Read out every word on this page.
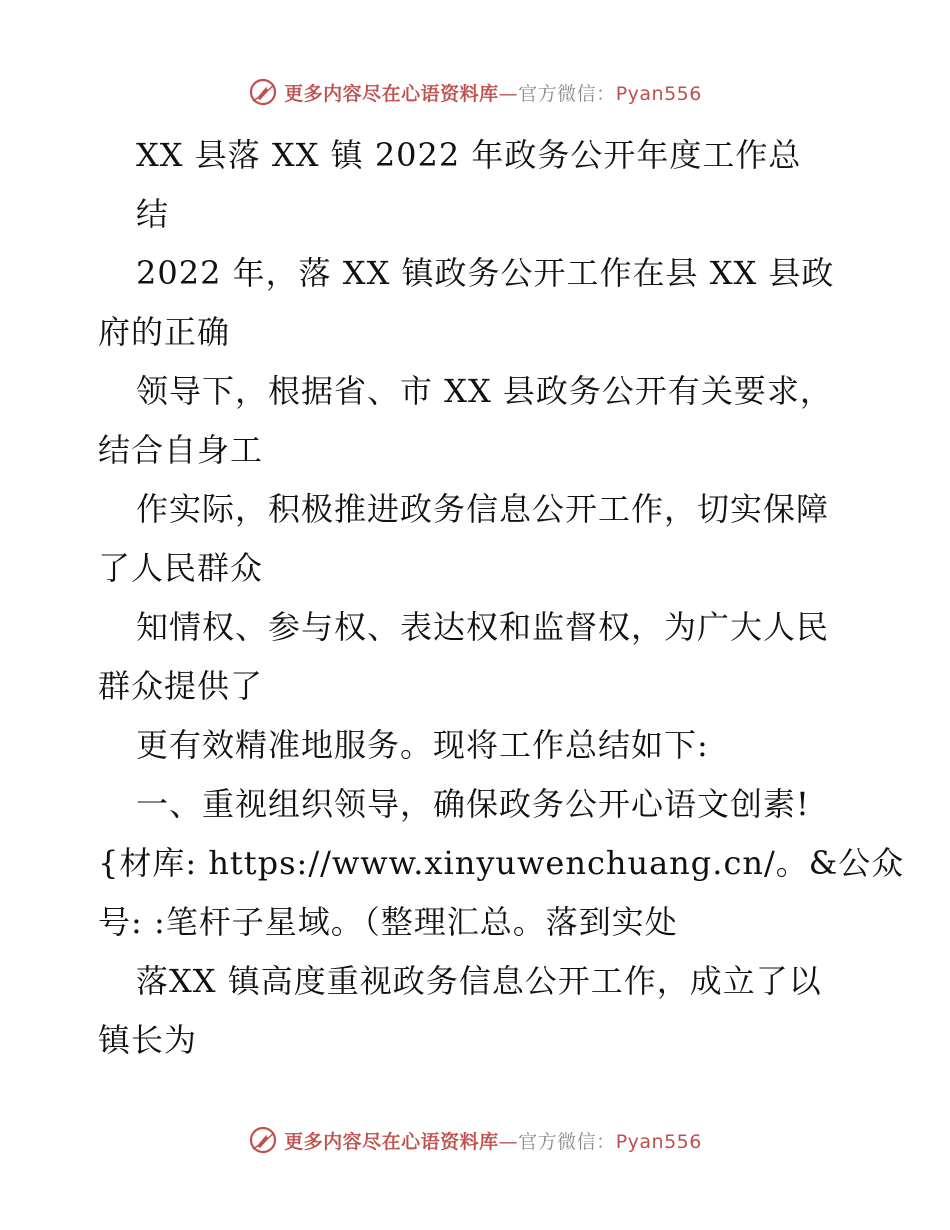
更多内容尽在心语资料库—官方微信：Pyan556
XX 县落 XX 镇 2022 年政务公开年度工作总
结
2022 年，落 XX 镇政务公开工作在县 XX 县政
府的正确
领导下，根据省、市 XX 县政务公开有关要求，
结合自身工
作实际，积极推进政务信息公开工作，切实保障
了人民群众
知情权、参与权、表达权和监督权，为广大人民
群众提供了
更有效精准地服务。现将工作总结如下:
一、重视组织领导，确保政务公开心语文创素!
{材库: https://www.xinyuwenchuang.cn/。&公众
号: :笔杆子星域。（整理汇总。落到实处
落XX 镇高度重视政务信息公开工作，成立了以
镇长为
更多内容尽在心语资料库—官方微信：Pyan556
